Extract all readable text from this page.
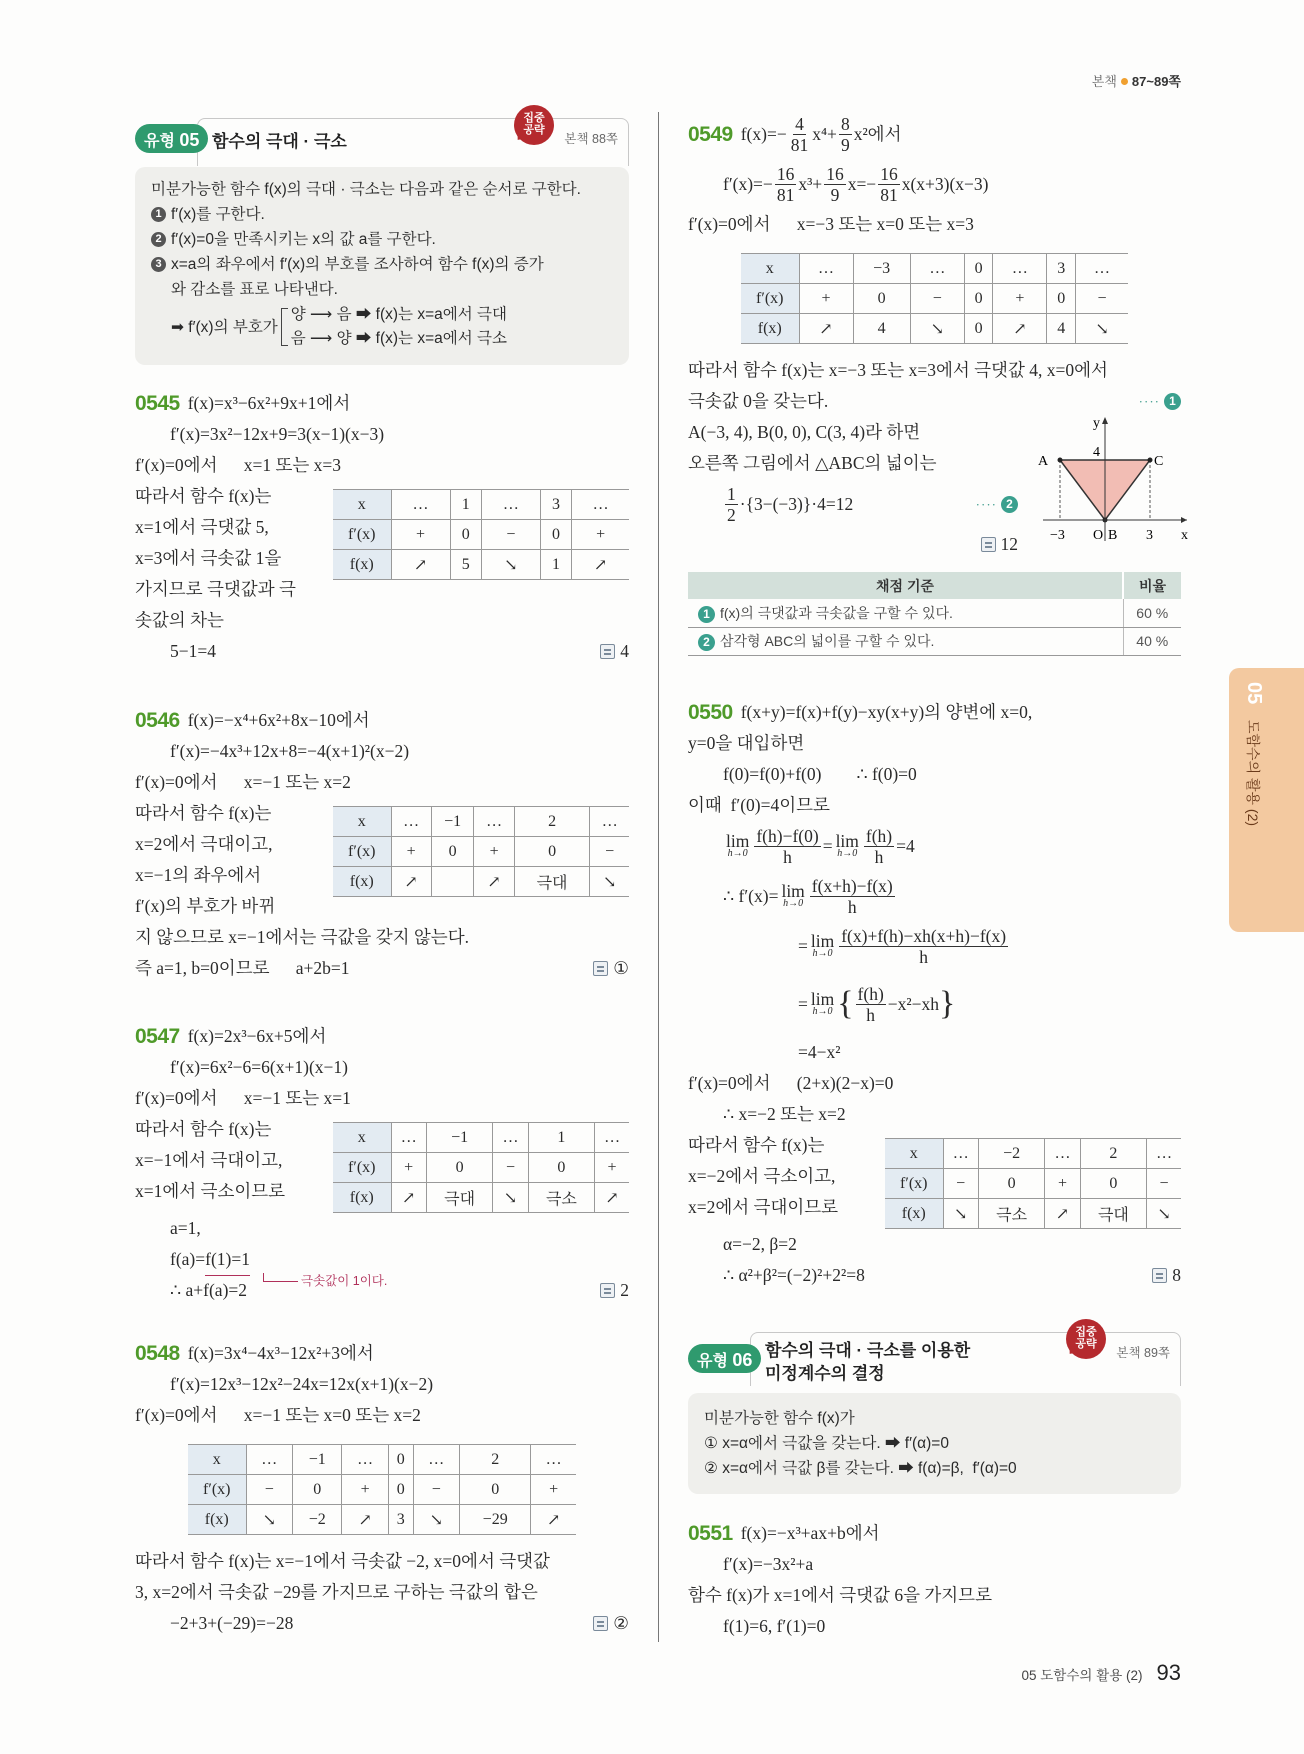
본책 87~89쪽
함수의 극대 · 극소
집중
공략
본책 88쪽
유형 05
미분가능한 함수 f(x)의 극대 · 극소는 다음과 같은 순서로 구한다.
1 f′(x)를 구한다.
2 f′(x)=0을 만족시키는 x의 값 a를 구한다.
3 x=a의 좌우에서 f′(x)의 부호를 조사하여 함수 f(x)의 증가
와 감소를 표로 나타낸다.
➡ f′(x)의 부호가
양 ⟶ 음 ➡ f(x)는 x=a에서 극대
음 ⟶ 양 ➡ f(x)는 x=a에서 극소
0545 f(x)=x³−6x²+9x+1에서
f′(x)=3x²−12x+9=3(x−1)(x−3)
f′(x)=0에서      x=1 또는 x=3
따라서 함수 f(x)는
x=1에서 극댓값 5,
x=3에서 극솟값 1을
가지므로 극댓값과 극
솟값의 차는
x	…	1	…	3	…
f′(x)	+	0	−	0	+
f(x)	↗	5	↘	1	↗
5−1=4	4
0546 f(x)=−x⁴+6x²+8x−10에서
f′(x)=−4x³+12x+8=−4(x+1)²(x−2)
f′(x)=0에서      x=−1 또는 x=2
따라서 함수 f(x)는
x=2에서 극대이고,
x=−1의 좌우에서
f′(x)의 부호가 바뀌
x	…	−1	…	2	…
f′(x)	+	0	+	0	−
f(x)	↗		↗	극대	↘
지 않으므로 x=−1에서는 극값을 갖지 않는다.
즉 a=1, b=0이므로      a+2b=1	①
0547 f(x)=2x³−6x+5에서
f′(x)=6x²−6=6(x+1)(x−1)
f′(x)=0에서      x=−1 또는 x=1
따라서 함수 f(x)는
x=−1에서 극대이고,
x=1에서 극소이므로
x	…	−1	…	1	…
f′(x)	+	0	−	0	+
f(x)	↗	극대	↘	극소	↗
a=1,
f(a)= f(1)=1
극솟값이 1이다.
∴ a+f(a)=2	2
0548 f(x)=3x⁴−4x³−12x²+3에서
f′(x)=12x³−12x²−24x=12x(x+1)(x−2)
f′(x)=0에서      x=−1 또는 x=0 또는 x=2
x	…	−1	…	0	…	2	…
f′(x)	−	0	+	0	−	0	+
f(x)	↘	−2	↗	3	↘	−29	↗
따라서 함수 f(x)는 x=−1에서 극솟값 −2, x=0에서 극댓값
3, x=2에서 극솟값 −29를 가지므로 구하는 극값의 합은
−2+3+(−29)=−28	②
함수의 극대 · 극소를 이용한
미정계수의 결정
집중
공략
본책 89쪽
유형 06
미분가능한 함수 f(x)가
① x=α에서 극값을 갖는다. ➡ f′(α)=0
② x=α에서 극값 β를 갖는다. ➡ f(α)=β,  f′(α)=0
0549 $f(x)=- \frac{4}{81} x^4+ \frac{8}{9} x^2$에서
$f'(x)=- \frac{16}{81} x^3+ \frac{16}{9} x=- \frac{16}{81} x(x+3)(x-3)$
f′(x)=0에서      x=−3 또는 x=0 또는 x=3
x	…	−3	…	0	…	3	…
f′(x)	+	0	−	0	+	0	−
f(x)	↗	4	↘	0	↗	4	↘
따라서 함수 f(x)는 x=−3 또는 x=3에서 극댓값 4, x=0에서
극솟값 0을 갖는다.	···· 1
A(−3, 4), B(0, 0), C(3, 4)라 하면
오른쪽 그림에서 △ABC의 넓이는
$\frac{1}{2} \cdot\{3-(-3)\}\cdot 4=12$	···· 2
12
채점 기준	비율
1 f(x)의 극댓값과 극솟값을 구할 수 있다.	60 %
2 삼각형 ABC의 넓이를 구할 수 있다.	40 %
A
B
C
−3	3
4
O	x
y
0550 f(x+y)=f(x)+f(y)−xy(x+y)의 양변에 x=0,
y=0을 대입하면
f(0)=f(0)+f(0)        ∴ f(0)=0
이때  f′(0)=4이므로
lim
$h\to 0 \frac{f(h)-f(0)}{h} = \lim$
$h\to 0 \frac{f(h)}{h} =4$
∴ f′(x)= lim
$h\to 0 \frac{f(x+h)-f(x)}{h}$
= lim
$h\to 0 \frac{f(x)+f(h)-xh(x+h)-f(x)}{h}$
= lim
h→0 { $\frac{f(h)}{h} -x^2-xh$ }
=4−x²
f′(x)=0에서      (2+x)(2−x)=0
∴ x=−2 또는 x=2
따라서 함수 f(x)는
x=−2에서 극소이고,
x=2에서 극대이므로
x	…	−2	…	2	…
f′(x)	−	0	+	0	−
f(x)	↘	극소	↗	극대	↘
α=−2, β=2
∴ α²+β²=(−2)²+2²=8	8
0551 f(x)=−x³+ax+b에서
f′(x)=−3x²+a
함수 f(x)가 x=1에서 극댓값 6을 가지므로
f(1)=6, f′(1)=0
05
도함수의 활용 (2)
05 도함수의 활용 (2) 93
